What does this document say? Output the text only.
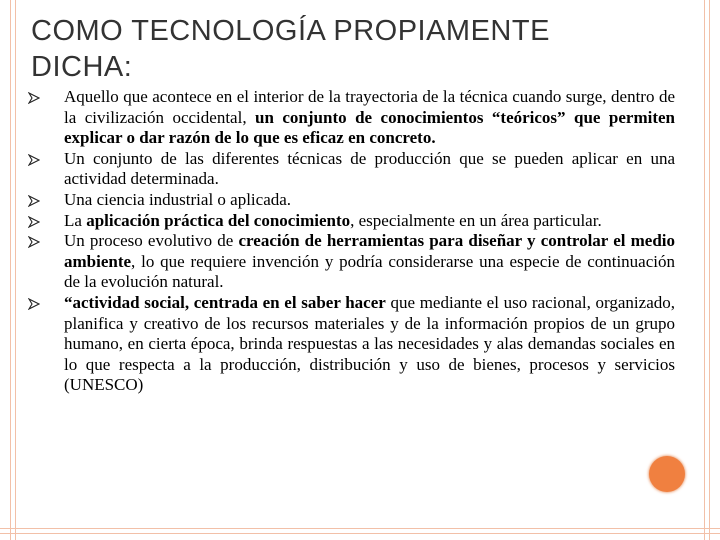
COMO TECNOLOGÍA PROPIAMENTE
DICHA:
Aquello que acontece en el interior de la trayectoria de la técnica cuando surge, dentro de la civilización occidental, un conjunto de conocimientos “teóricos” que permiten explicar o dar razón de lo que es eficaz en concreto.
Un conjunto de las diferentes técnicas de producción que se pueden aplicar en una actividad determinada.
Una ciencia industrial o aplicada.
La aplicación práctica del conocimiento, especialmente en un área particular.
Un proceso evolutivo de creación de herramientas para diseñar y controlar el medio ambiente, lo que requiere invención y podría considerarse una especie de continuación de la evolución natural.
“actividad social, centrada en el saber hacer que mediante el uso racional, organizado, planifica y creativo de los recursos materiales y de la información propios de un grupo humano, en cierta época, brinda respuestas a las necesidades y alas demandas sociales en lo que respecta a la producción, distribución y uso de bienes, procesos y servicios (UNESCO)
